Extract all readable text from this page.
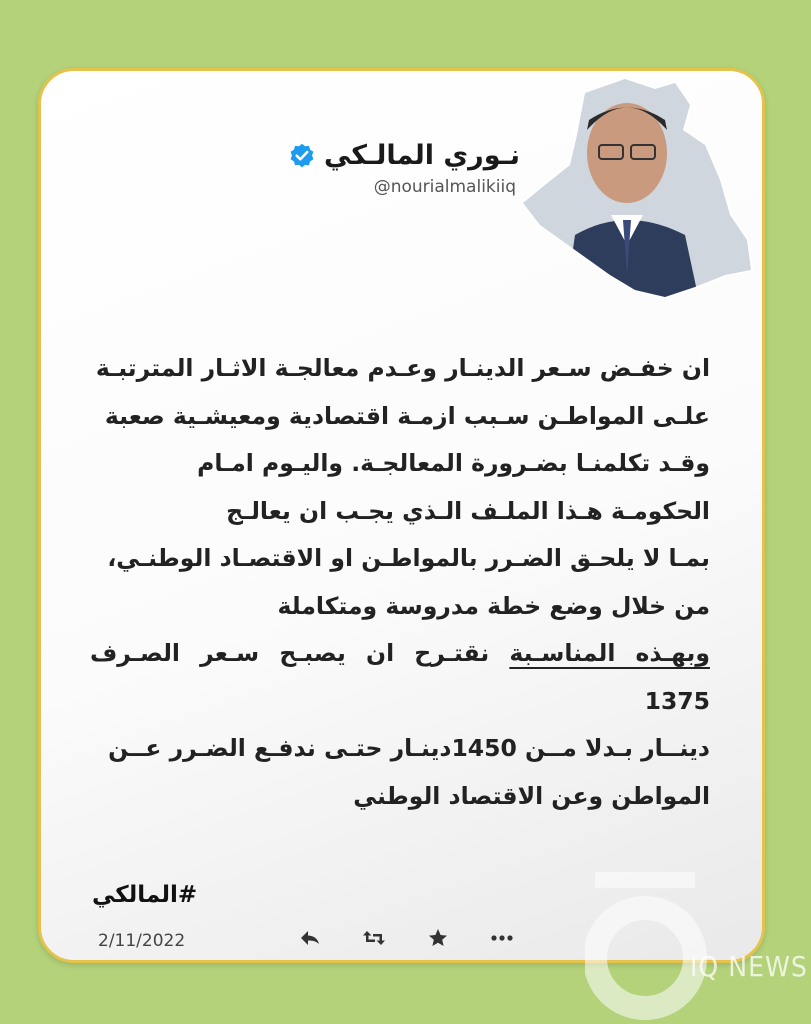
نـوري المالـكي
@nourialmalikiiq

ان خفـض سـعر الدينـار وعـدم معالجـة الاثـار المترتبـة

علـى المواطـن سـبب ازمـة اقتصادية ومعيشـية صعبة

وقـد تكلمنـا بضـرورة المعالجـة. واليـوم امـام

الحكومـة هـذا الملـف الـذي يجـب ان يعالـج

بمـا لا يلحـق الضـرر بالمواطـن او الاقتصـاد الوطنـي،

من خلال وضع خطة مدروسة ومتكاملة

وبهـذه المناسـبة نقتـرح ان يصبـح سـعر الصـرف 1375

دينــار بـدلا مــن 1450دينـار حتـى ندفـع الضـرر عــن

المواطن وعن الاقتصاد الوطني

#المالكي
2/11/2022
IQ NEWS
